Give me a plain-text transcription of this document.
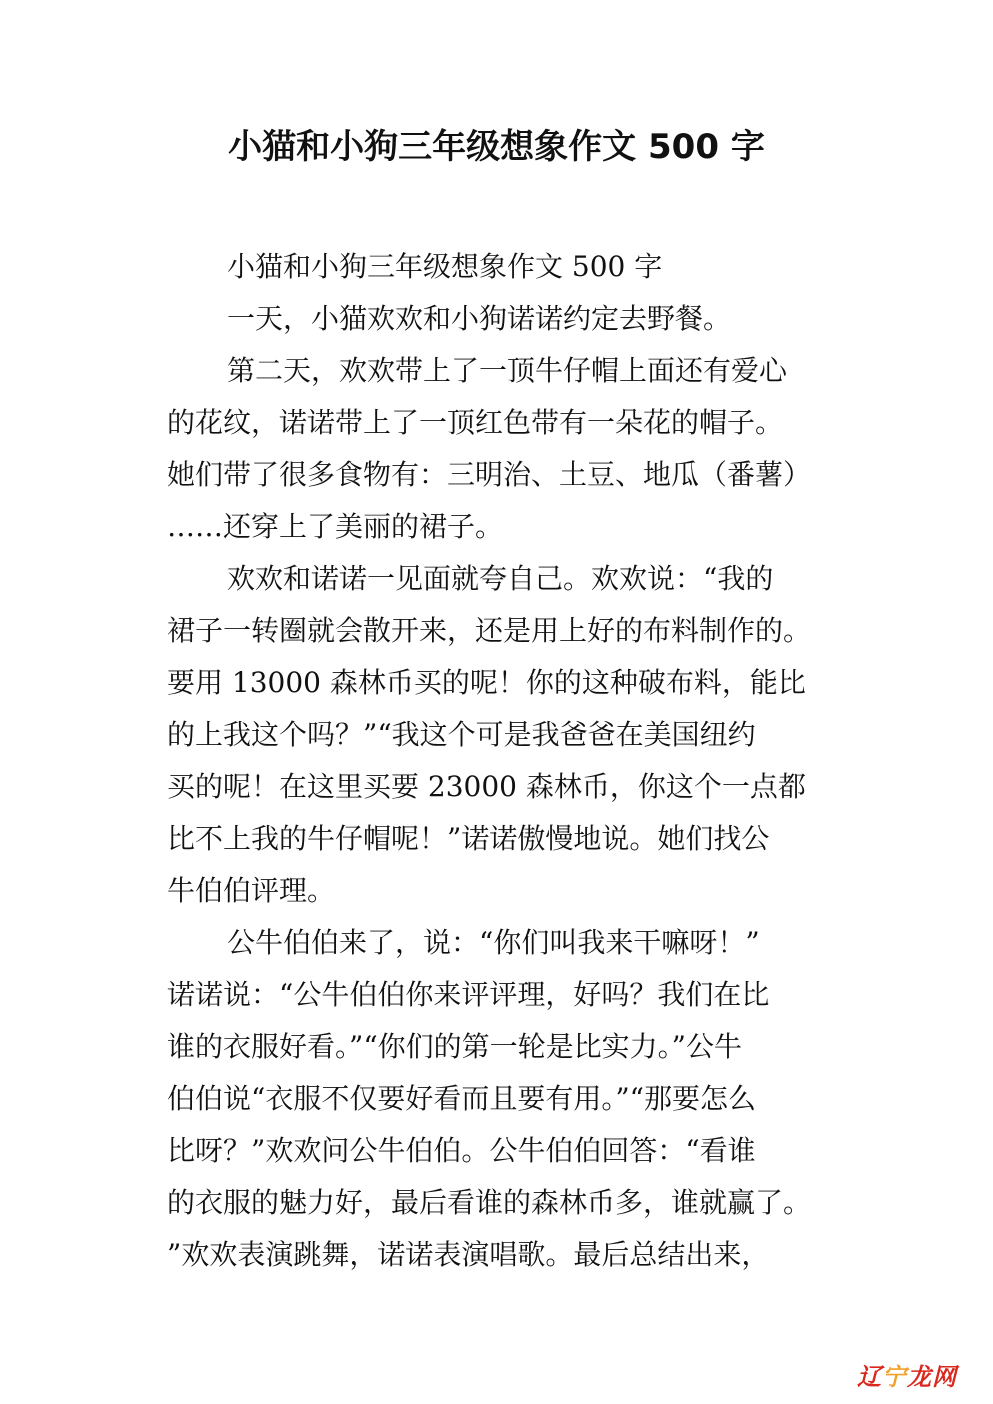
小猫和小狗三年级想象作文 500 字
小猫和小狗三年级想象作文 500 字
一天，小猫欢欢和小狗诺诺约定去野餐。
第二天，欢欢带上了一顶牛仔帽上面还有爱心
的花纹，诺诺带上了一顶红色带有一朵花的帽子。
她们带了很多食物有：三明治、土豆、地瓜（番薯）
……还穿上了美丽的裙子。
欢欢和诺诺一见面就夸自己。欢欢说：“我的
裙子一转圈就会散开来，还是用上好的布料制作的。
要用 13000 森林币买的呢！你的这种破布料，能比
的上我这个吗？”“我这个可是我爸爸在美国纽约
买的呢！在这里买要 23000 森林币，你这个一点都
比不上我的牛仔帽呢！”诺诺傲慢地说。她们找公
牛伯伯评理。
公牛伯伯来了，说：“你们叫我来干嘛呀！”
诺诺说：“公牛伯伯你来评评理，好吗？我们在比
谁的衣服好看。”“你们的第一轮是比实力。”公牛
伯伯说“衣服不仅要好看而且要有用。”“那要怎么
比呀？”欢欢问公牛伯伯。公牛伯伯回答：“看谁
的衣服的魅力好，最后看谁的森林币多，谁就赢了。
”欢欢表演跳舞，诺诺表演唱歌。最后总结出来，
辽 宁 龙网
